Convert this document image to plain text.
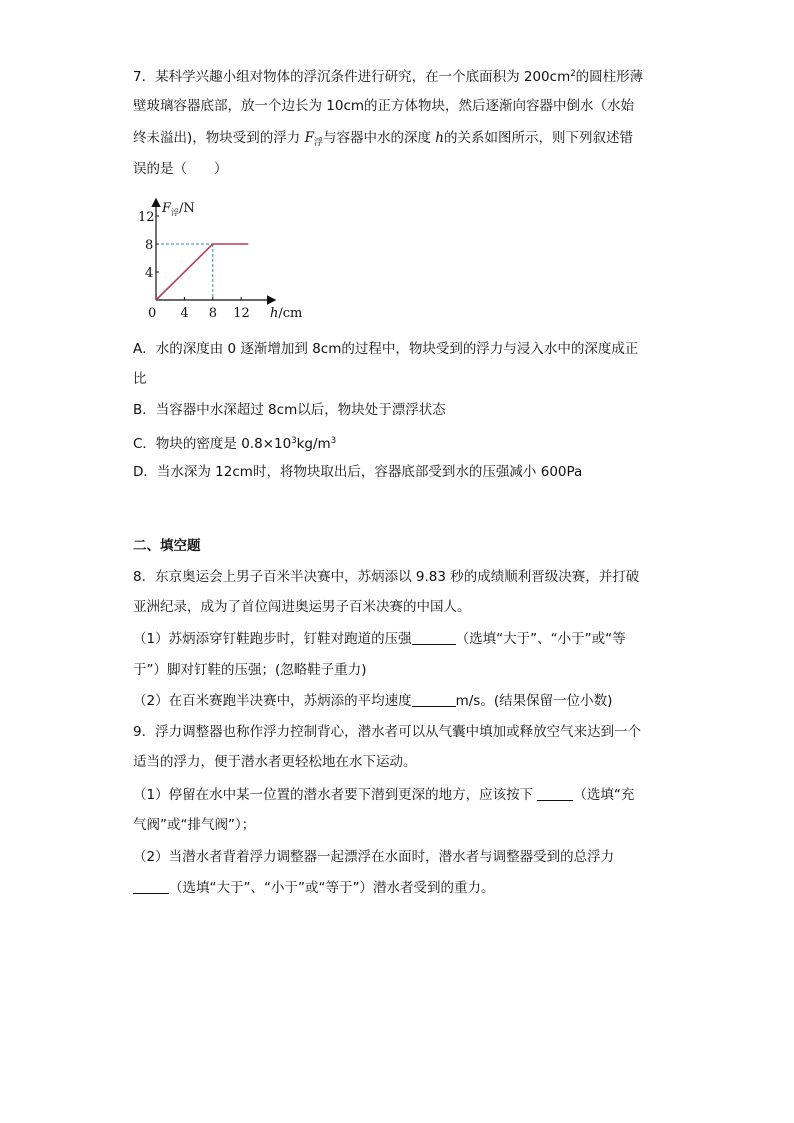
7．某科学兴趣小组对物体的浮沉条件进行研究，在一个底面积为 $200cm^2$的圆柱形薄
壁玻璃容器底部，放一个边长为 10cm的正方体物块，然后逐渐向容器中倒水（水始
终未溢出)，物块受到的浮力 $F_浮$与容器中水的深度 h的关系如图所示，则下列叙述错
误的是（　　）
4
8
12
4 8 12
0
$F_浮/N$
h/cm
A．水的深度由 0 逐渐增加到 8cm的过程中，物块受到的浮力与浸入水中的深度成正
比
B．当容器中水深超过 8cm以后，物块处于漂浮状态
C．物块的密度是 $0.8\times 10^3kg/m^3$
D．当水深为 12cm时，将物块取出后，容器底部受到水的压强减小 600Pa
二、填空题
8．东京奥运会上男子百米半决赛中，苏炳添以 9.83 秒的成绩顺利晋级决赛，并打破
亚洲纪录，成为了首位闯进奥运男子百米决赛的中国人。
（1）苏炳添穿钉鞋跑步时，钉鞋对跑道的压强	（选填“大于”、“小于”或“等
于”）脚对钉鞋的压强；(忽略鞋子重力)
（2）在百米赛跑半决赛中，苏炳添的平均速度	m/s。(结果保留一位小数)
9．浮力调整器也称作浮力控制背心，潜水者可以从气囊中填加或释放空气来达到一个
适当的浮力，便于潜水者更轻松地在水下运动。
（1）停留在水中某一位置的潜水者要下潜到更深的地方，应该按下	（选填“充
气阀”或“排气阀”）；
（2）当潜水者背着浮力调整器一起漂浮在水面时，潜水者与调整器受到的总浮力
（选填“大于”、“小于”或“等于”）潜水者受到的重力。
